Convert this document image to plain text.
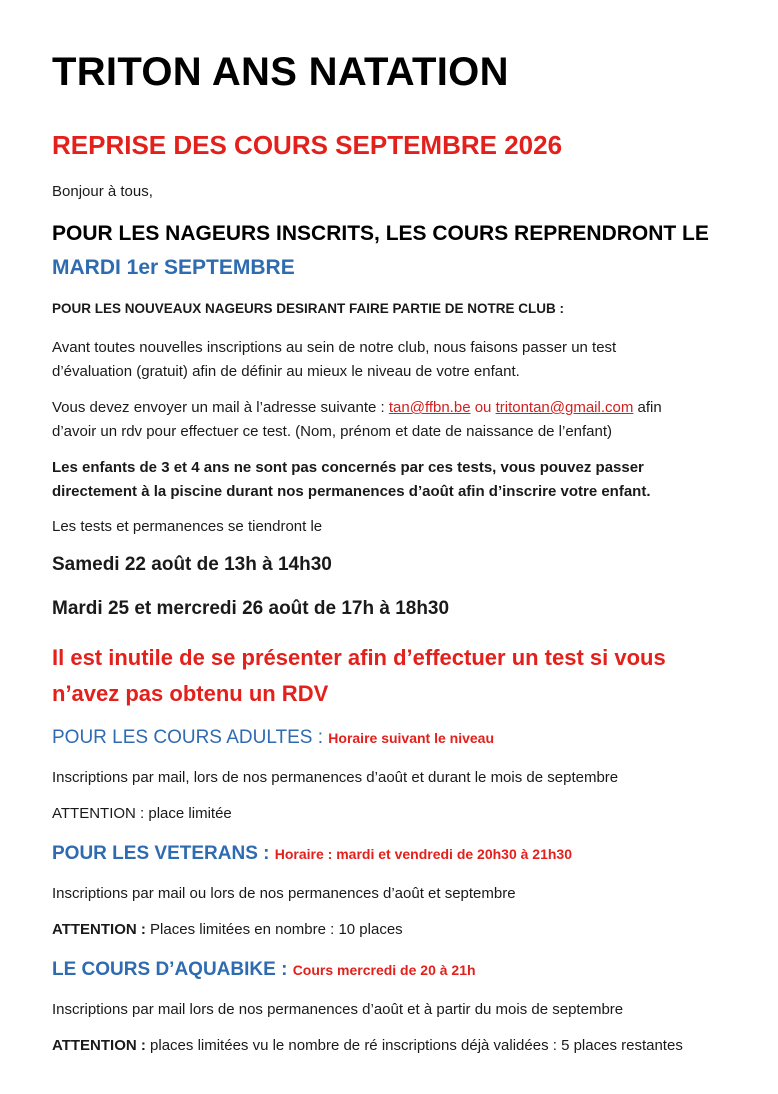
TRITON ANS NATATION
REPRISE DES COURS SEPTEMBRE 2026
Bonjour à tous,
POUR LES NAGEURS INSCRITS, LES COURS REPRENDRONT LE
MARDI 1er SEPTEMBRE
POUR LES NOUVEAUX NAGEURS DESIRANT FAIRE PARTIE DE NOTRE CLUB :
Avant toutes nouvelles inscriptions au sein de notre club, nous faisons passer un test
d’évaluation (gratuit) afin de définir au mieux le niveau de votre enfant.
Vous devez envoyer un mail à l’adresse suivante : tan@ffbn.be ou tritontan@gmail.com afin
d’avoir un rdv pour effectuer ce test. (Nom, prénom et date de naissance de l’enfant)
Les enfants de 3 et 4 ans ne sont pas concernés par ces tests, vous pouvez passer
directement à la piscine durant nos permanences d’août afin d’inscrire votre enfant.
Les tests et permanences se tiendront le
Samedi 22 août de 13h à 14h30
Mardi 25 et mercredi 26 août de 17h à 18h30
Il est inutile de se présenter afin d’effectuer un test si vous
n’avez pas obtenu un RDV
POUR LES COURS ADULTES : Horaire suivant le niveau
Inscriptions par mail, lors de nos permanences d’août et durant le mois de septembre
ATTENTION : place limitée
POUR LES VETERANS : Horaire : mardi et vendredi de 20h30 à 21h30
Inscriptions par mail ou lors de nos permanences d’août et septembre
ATTENTION : Places limitées en nombre : 10 places
LE COURS D’AQUABIKE : Cours mercredi de 20 à 21h
Inscriptions par mail lors de nos permanences d’août et à partir du mois de septembre
ATTENTION : places limitées vu le nombre de ré inscriptions déjà validées : 5 places restantes
